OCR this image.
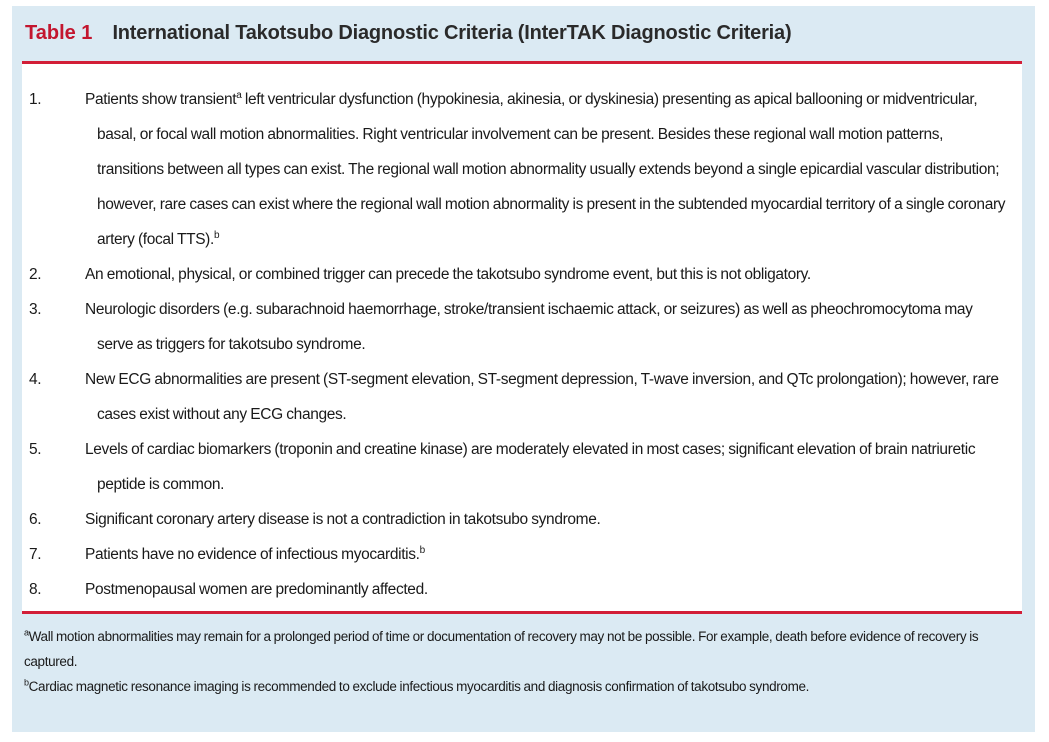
Table 1 International Takotsubo Diagnostic Criteria (InterTAK Diagnostic Criteria)
1.	Patients show transient$^a$ left ventricular dysfunction (hypokinesia, akinesia, or dyskinesia) presenting as apical ballooning or midventricular, basal, or focal wall motion abnormalities. Right ventricular involvement can be present. Besides these regional wall motion patterns, transitions between all types can exist. The regional wall motion abnormality usually extends beyond a single epicardial vascular distribution; however, rare cases can exist where the regional wall motion abnormality is present in the subtended myocardial territory of a single coronary artery (focal TTS).$^b$
2.	An emotional, physical, or combined trigger can precede the takotsubo syndrome event, but this is not obligatory.
3.	Neurologic disorders (e.g. subarachnoid haemorrhage, stroke/transient ischaemic attack, or seizures) as well as pheochromocytoma may serve as triggers for takotsubo syndrome.
4.	New ECG abnormalities are present (ST-segment elevation, ST-segment depression, T-wave inversion, and QTc prolongation); however, rare cases exist without any ECG changes.
5.	Levels of cardiac biomarkers (troponin and creatine kinase) are moderately elevated in most cases; significant elevation of brain natriuretic peptide is common.
6.	Significant coronary artery disease is not a contradiction in takotsubo syndrome.
7.	Patients have no evidence of infectious myocarditis.$^b$
8.	Postmenopausal women are predominantly affected.

$^a$Wall motion abnormalities may remain for a prolonged period of time or documentation of recovery may not be possible. For example, death before evidence of recovery is captured.

$^b$Cardiac magnetic resonance imaging is recommended to exclude infectious myocarditis and diagnosis confirmation of takotsubo syndrome.
